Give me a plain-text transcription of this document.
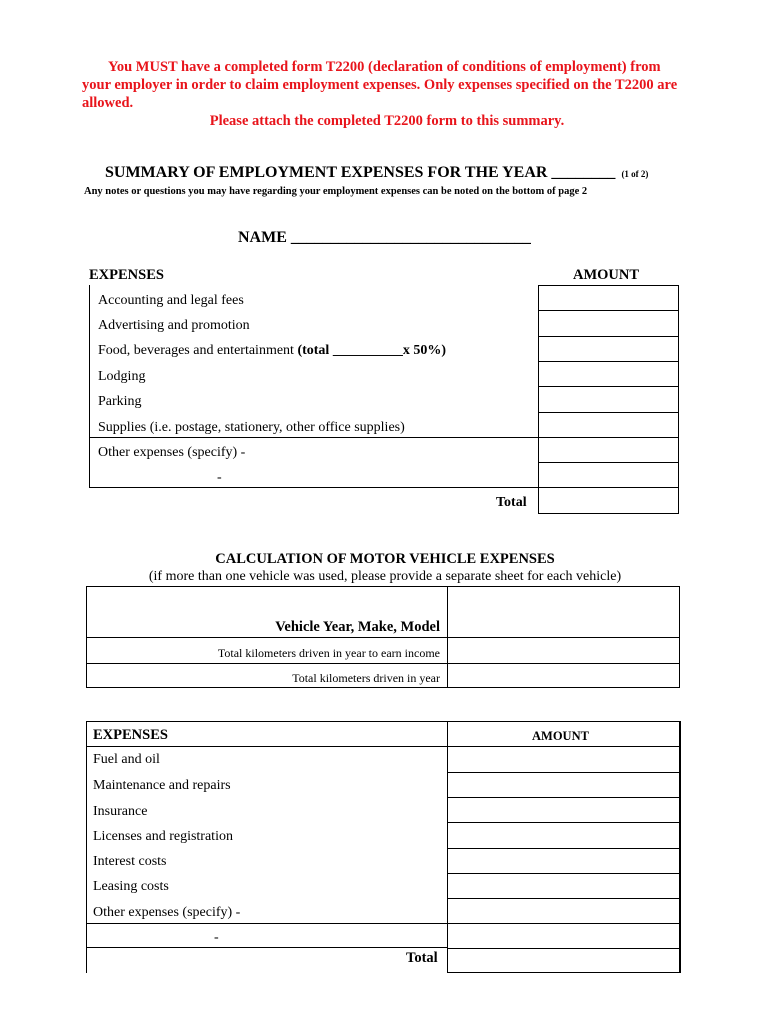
You MUST have a completed form T2200 (declaration of conditions of employment) from your employer in order to claim employment expenses. Only expenses specified on the T2200 are allowed.

Please attach the completed T2200 form to this summary.

SUMMARY OF EMPLOYMENT EXPENSES FOR THE YEAR ________ (1 of 2)
Any notes or questions you may have regarding your employment expenses can be noted on the bottom of page 2
NAME ______________________________
EXPENSES	AMOUNT
Accounting and legal fees
Advertising and promotion
Food, beverages and entertainment (total __________x 50%)
Lodging
Parking
Supplies (i.e. postage, stationery, other office supplies)
Other expenses (specify) -
-
Total
CALCULATION OF MOTOR VEHICLE EXPENSES
(if more than one vehicle was used, please provide a separate sheet for each vehicle)
Vehicle Year, Make, Model
Total kilometers driven in year to earn income
Total kilometers driven in year
EXPENSES	AMOUNT
Fuel and oil
Maintenance and repairs
Insurance
Licenses and registration
Interest costs
Leasing costs
Other expenses (specify) -
-
Total
